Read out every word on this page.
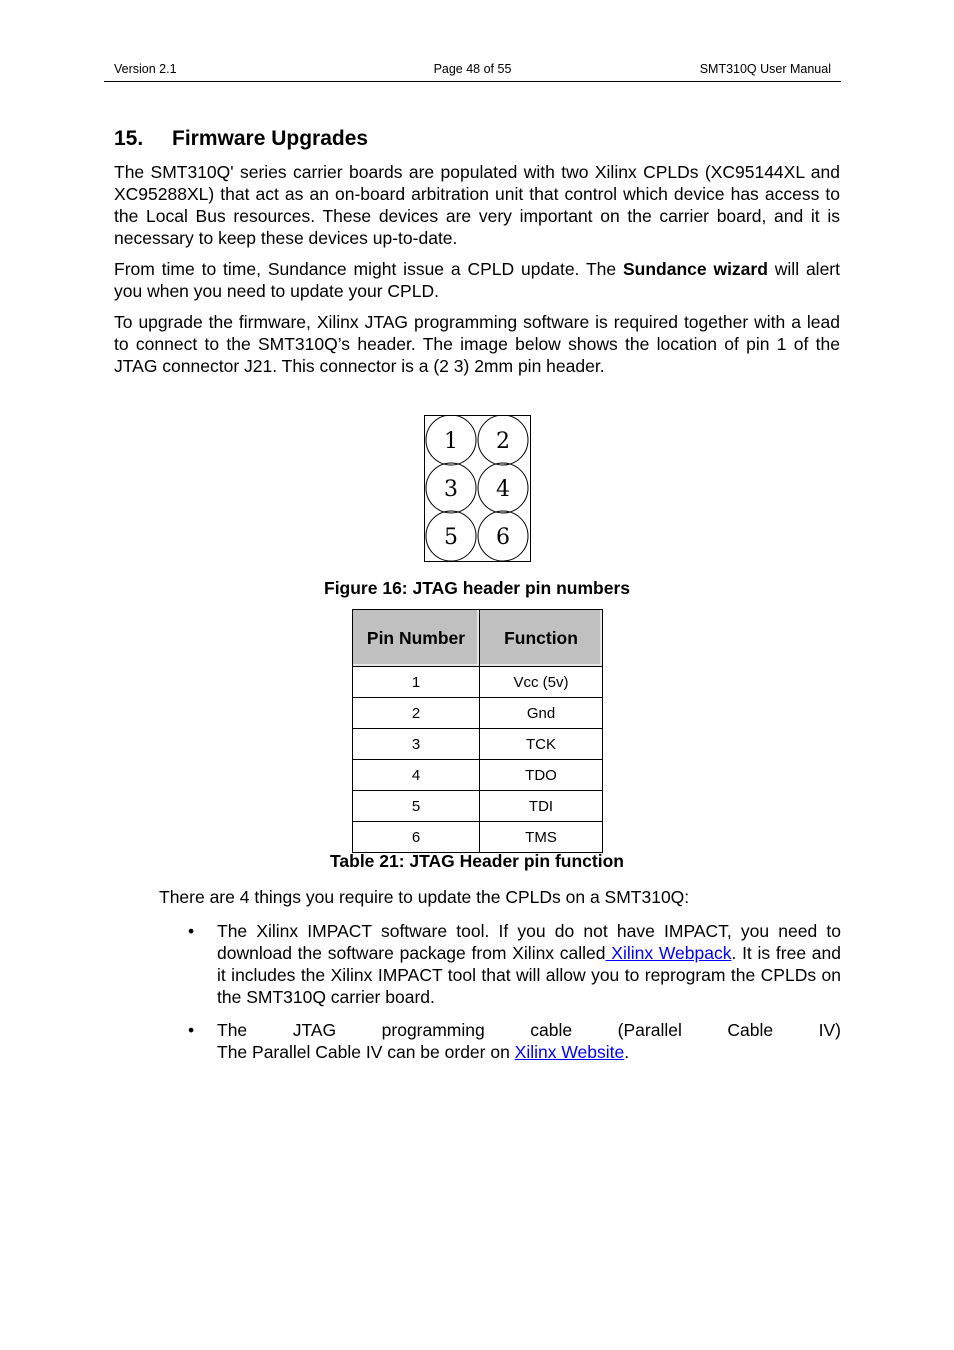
Version 2.1	Page 48 of 55	SMT310Q User Manual
15. Firmware Upgrades

The SMT310Q' series carrier boards are populated with two Xilinx CPLDs (XC95144XL and XC95288XL) that act as an on-board arbitration unit that control which device has access to the Local Bus resources. These devices are very important on the carrier board, and it is necessary to keep these devices up-to-date.

From time to time, Sundance might issue a CPLD update. The Sundance wizard will alert you when you need to update your CPLD.

To upgrade the firmware, Xilinx JTAG programming software is required together with a lead to connect to the SMT310Q’s header. The image below shows the location of pin 1 of the JTAG connector J21. This connector is a (2 3) 2mm pin header.

1 2
3 4
5 6
Figure 16: JTAG header pin numbers
Pin Number	Function
1	Vcc (5v)
2	Gnd
3	TCK
4	TDO
5	TDI
6	TMS
Table 21: JTAG Header pin function
There are 4 things you require to update the CPLDs on a SMT310Q:
• The Xilinx IMPACT software tool. If you do not have IMPACT, you need to download the software package from Xilinx called Xilinx Webpack. It is free and it includes the Xilinx IMPACT tool that will allow you to reprogram the CPLDs on the SMT310Q carrier board.
• The JTAG programming cable (Parallel Cable IV)
The Parallel Cable IV can be order on Xilinx Website.
